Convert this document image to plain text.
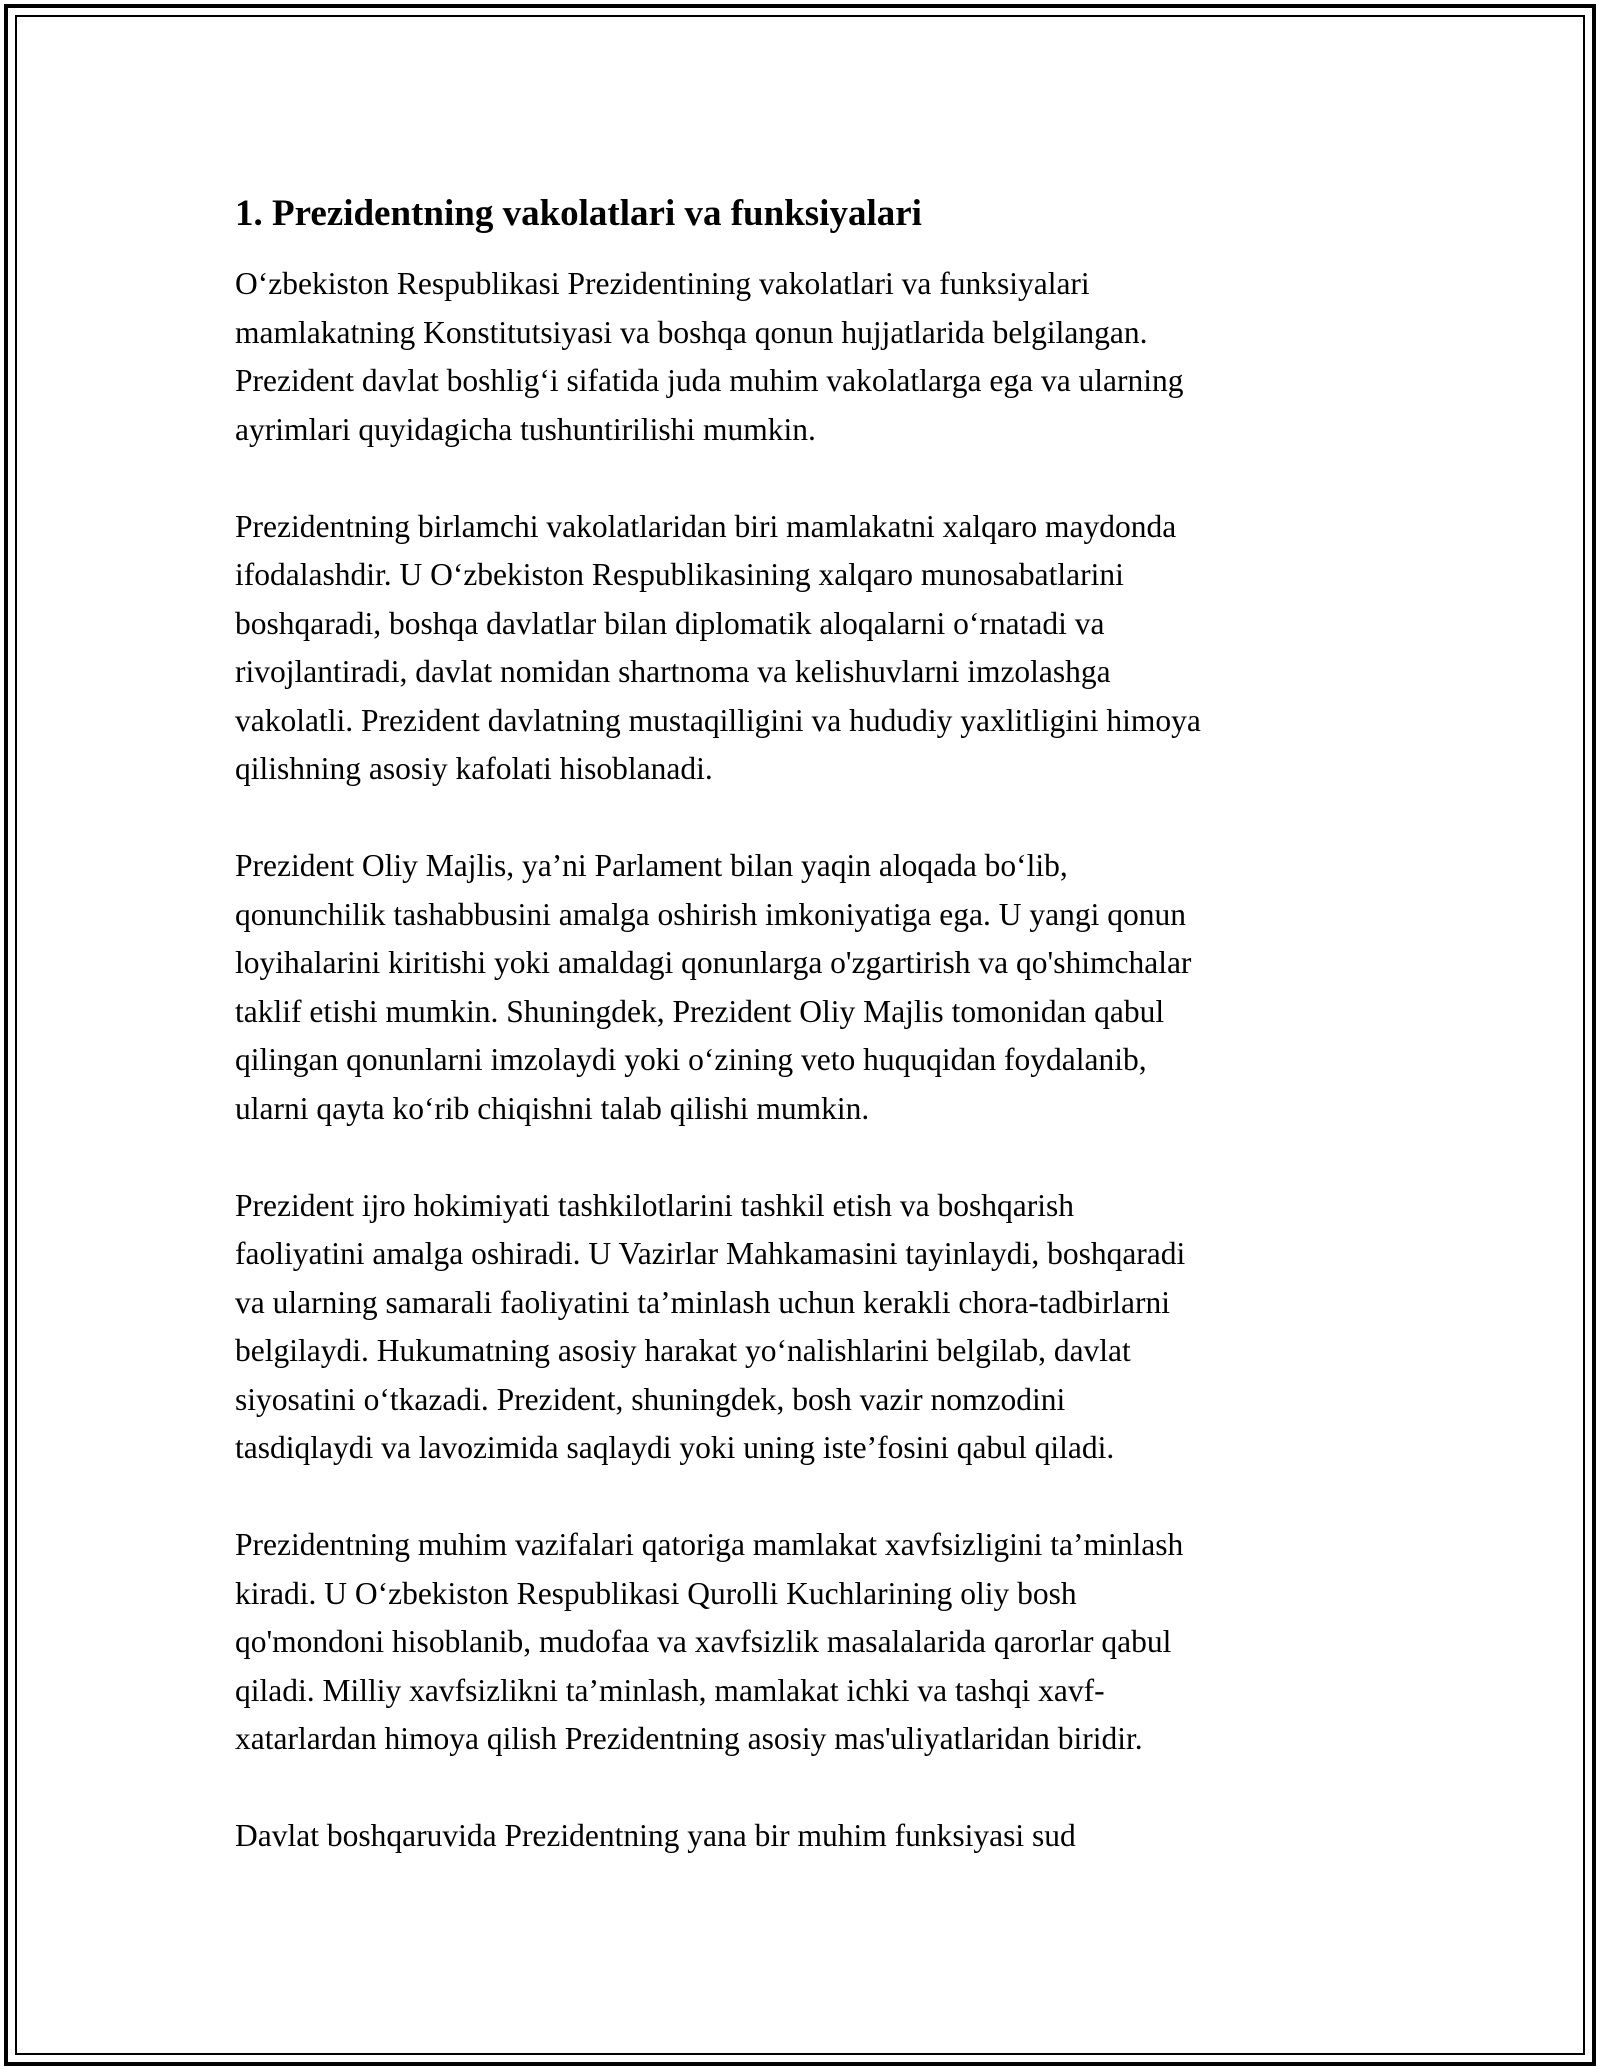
1. Prezidentning vakolatlari va funksiyalari

O‘zbekiston Respublikasi Prezidentining vakolatlari va funksiyalari
mamlakatning Konstitutsiyasi va boshqa qonun hujjatlarida belgilangan.
Prezident davlat boshlig‘i sifatida juda muhim vakolatlarga ega va ularning
ayrimlari quyidagicha tushuntirilishi mumkin.

Prezidentning birlamchi vakolatlaridan biri mamlakatni xalqaro maydonda
ifodalashdir. U O‘zbekiston Respublikasining xalqaro munosabatlarini
boshqaradi, boshqa davlatlar bilan diplomatik aloqalarni o‘rnatadi va
rivojlantiradi, davlat nomidan shartnoma va kelishuvlarni imzolashga
vakolatli. Prezident davlatning mustaqilligini va hududiy yaxlitligini himoya
qilishning asosiy kafolati hisoblanadi.

Prezident Oliy Majlis, ya’ni Parlament bilan yaqin aloqada bo‘lib,
qonunchilik tashabbusini amalga oshirish imkoniyatiga ega. U yangi qonun
loyihalarini kiritishi yoki amaldagi qonunlarga o'zgartirish va qo'shimchalar
taklif etishi mumkin. Shuningdek, Prezident Oliy Majlis tomonidan qabul
qilingan qonunlarni imzolaydi yoki o‘zining veto huquqidan foydalanib,
ularni qayta ko‘rib chiqishni talab qilishi mumkin.

Prezident ijro hokimiyati tashkilotlarini tashkil etish va boshqarish
faoliyatini amalga oshiradi. U Vazirlar Mahkamasini tayinlaydi, boshqaradi
va ularning samarali faoliyatini ta’minlash uchun kerakli chora-tadbirlarni
belgilaydi. Hukumatning asosiy harakat yo‘nalishlarini belgilab, davlat
siyosatini o‘tkazadi. Prezident, shuningdek, bosh vazir nomzodini
tasdiqlaydi va lavozimida saqlaydi yoki uning iste’fosini qabul qiladi.

Prezidentning muhim vazifalari qatoriga mamlakat xavfsizligini ta’minlash
kiradi. U O‘zbekiston Respublikasi Qurolli Kuchlarining oliy bosh
qo'mondoni hisoblanib, mudofaa va xavfsizlik masalalarida qarorlar qabul
qiladi. Milliy xavfsizlikni ta’minlash, mamlakat ichki va tashqi xavf-
xatarlardan himoya qilish Prezidentning asosiy mas'uliyatlaridan biridir.

Davlat boshqaruvida Prezidentning yana bir muhim funksiyasi sud
